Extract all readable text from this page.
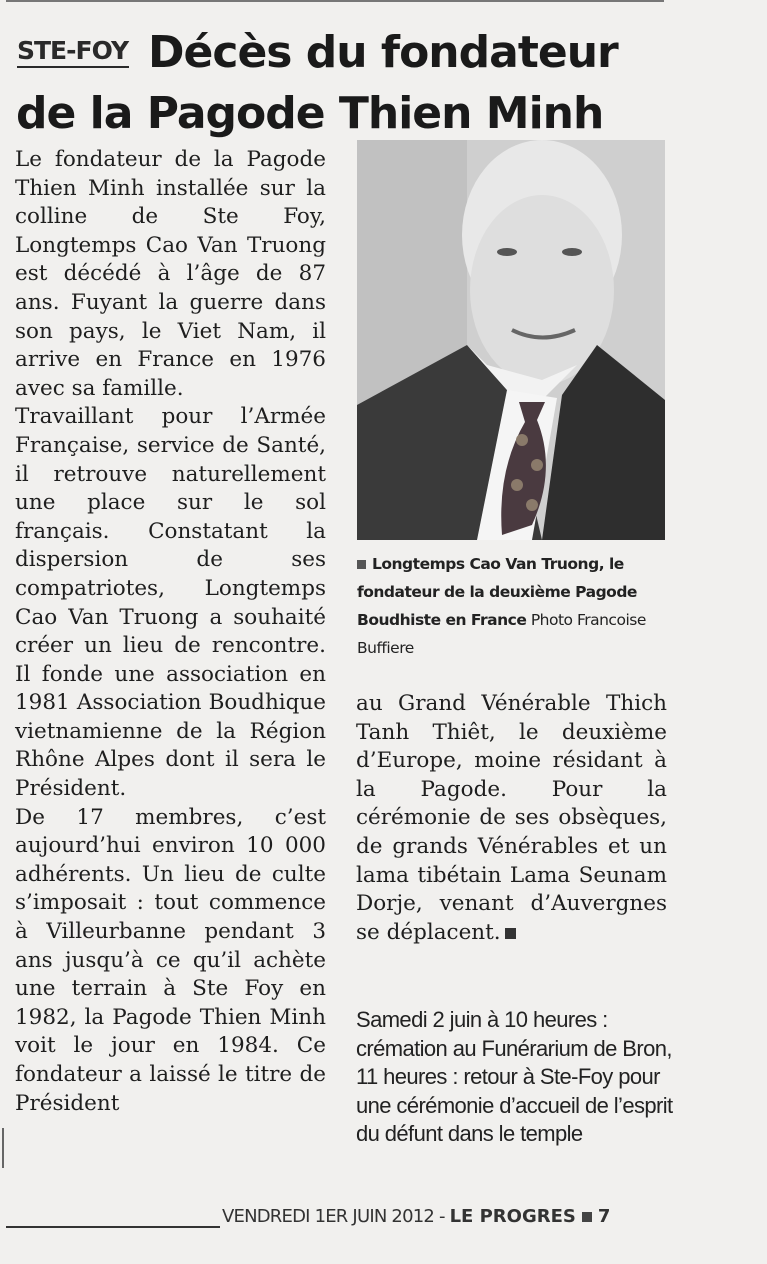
Décès du fondateur
de la Pagode Thien Minh
STE-FOY

Le fondateur de la Pagode Thien Minh installée sur la colline de Ste Foy, Longtemps Cao Van Truong est décédé à l’âge de 87 ans. Fuyant la guerre dans son pays, le Viet Nam, il arrive en France en 1976 avec sa famille.

Travaillant pour l’Armée Française, service de Santé, il retrouve naturellement une place sur le sol français. Constatant la dispersion de ses compatriotes, Longtemps Cao Van Truong a souhaité créer un lieu de rencontre. Il fonde une association en 1981 Association Boudhique vietnamienne de la Région Rhône Alpes dont il sera le Président.

De 17 membres, c’est aujourd’hui environ 10 000 adhérents. Un lieu de culte s’imposait : tout commence à Villeurbanne pendant 3 ans jusqu’à ce qu’il achète une terrain à Ste Foy en 1982, la Pagode Thien Minh voit le jour en 1984. Ce fondateur a laissé le titre de Président

Longtemps Cao Van Truong, le fondateur de la deuxième Pagode Boudhiste en France Photo Francoise Buffiere

au Grand Vénérable Thich Tanh Thiêt, le deuxième d’Europe, moine résidant à la Pagode. Pour la cérémonie de ses obsèques, de grands Vénérables et un lama tibétain Lama Seunam Dorje, venant d’Auvergnes se déplacent.

Samedi 2 juin à 10 heures : crémation au Funérarium de Bron, 11 heures : retour à Ste-Foy pour une cérémonie d’accueil de l’esprit du défunt dans le temple
VENDREDI 1ER JUIN 2012 - LE PROGRES 7
